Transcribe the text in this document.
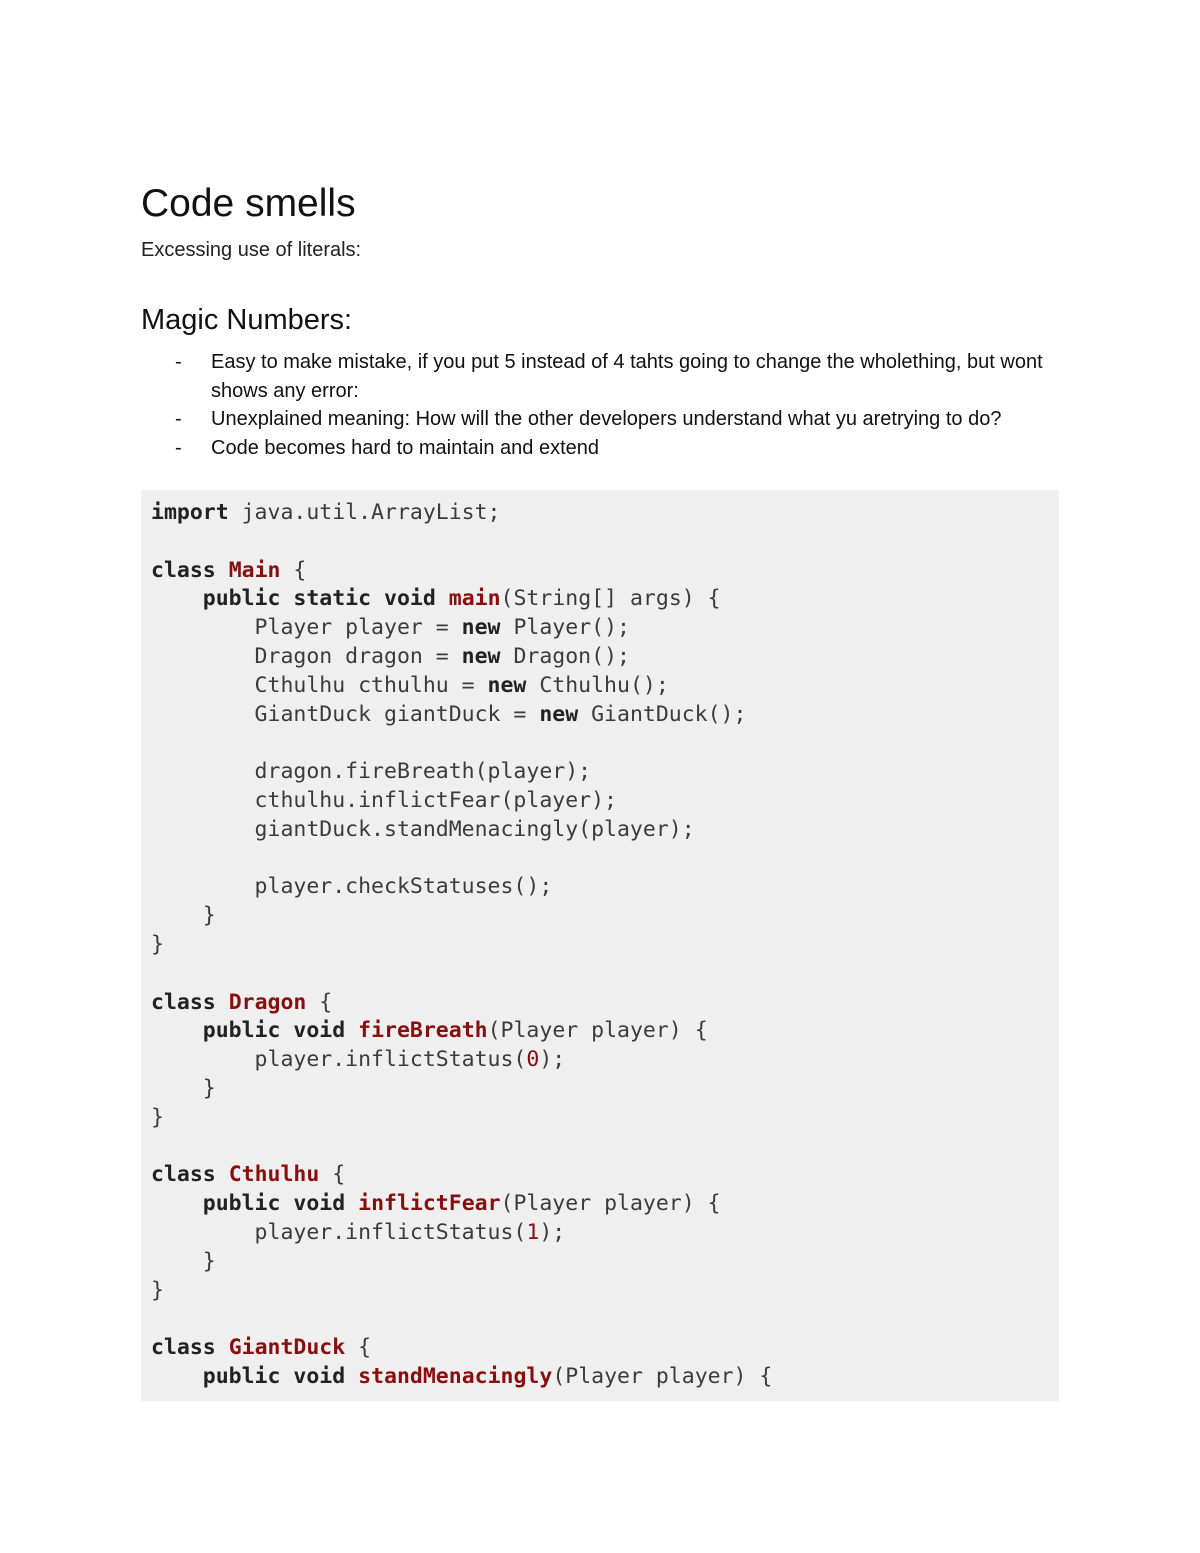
Code smells

Excessing use of literals:

Magic Numbers:
- Easy to make mistake, if you put 5 instead of 4 tahts going to change the wholething, but wont shows any error:
- Unexplained meaning: How will the other developers understand what yu aretrying to do?
- Code becomes hard to maintain and extend
import java.util.ArrayList;
class Main {
public static void main(String[] args) {
Player player = new Player();
Dragon dragon = new Dragon();
Cthulhu cthulhu = new Cthulhu();
GiantDuck giantDuck = new GiantDuck();
dragon.fireBreath(player);
cthulhu.inflictFear(player);
giantDuck.standMenacingly(player);
player.checkStatuses();
}
}
class Dragon {
public void fireBreath(Player player) {
player.inflictStatus(0);
}
}
class Cthulhu {
public void inflictFear(Player player) {
player.inflictStatus(1);
}
}
class GiantDuck {
public void standMenacingly(Player player) {
